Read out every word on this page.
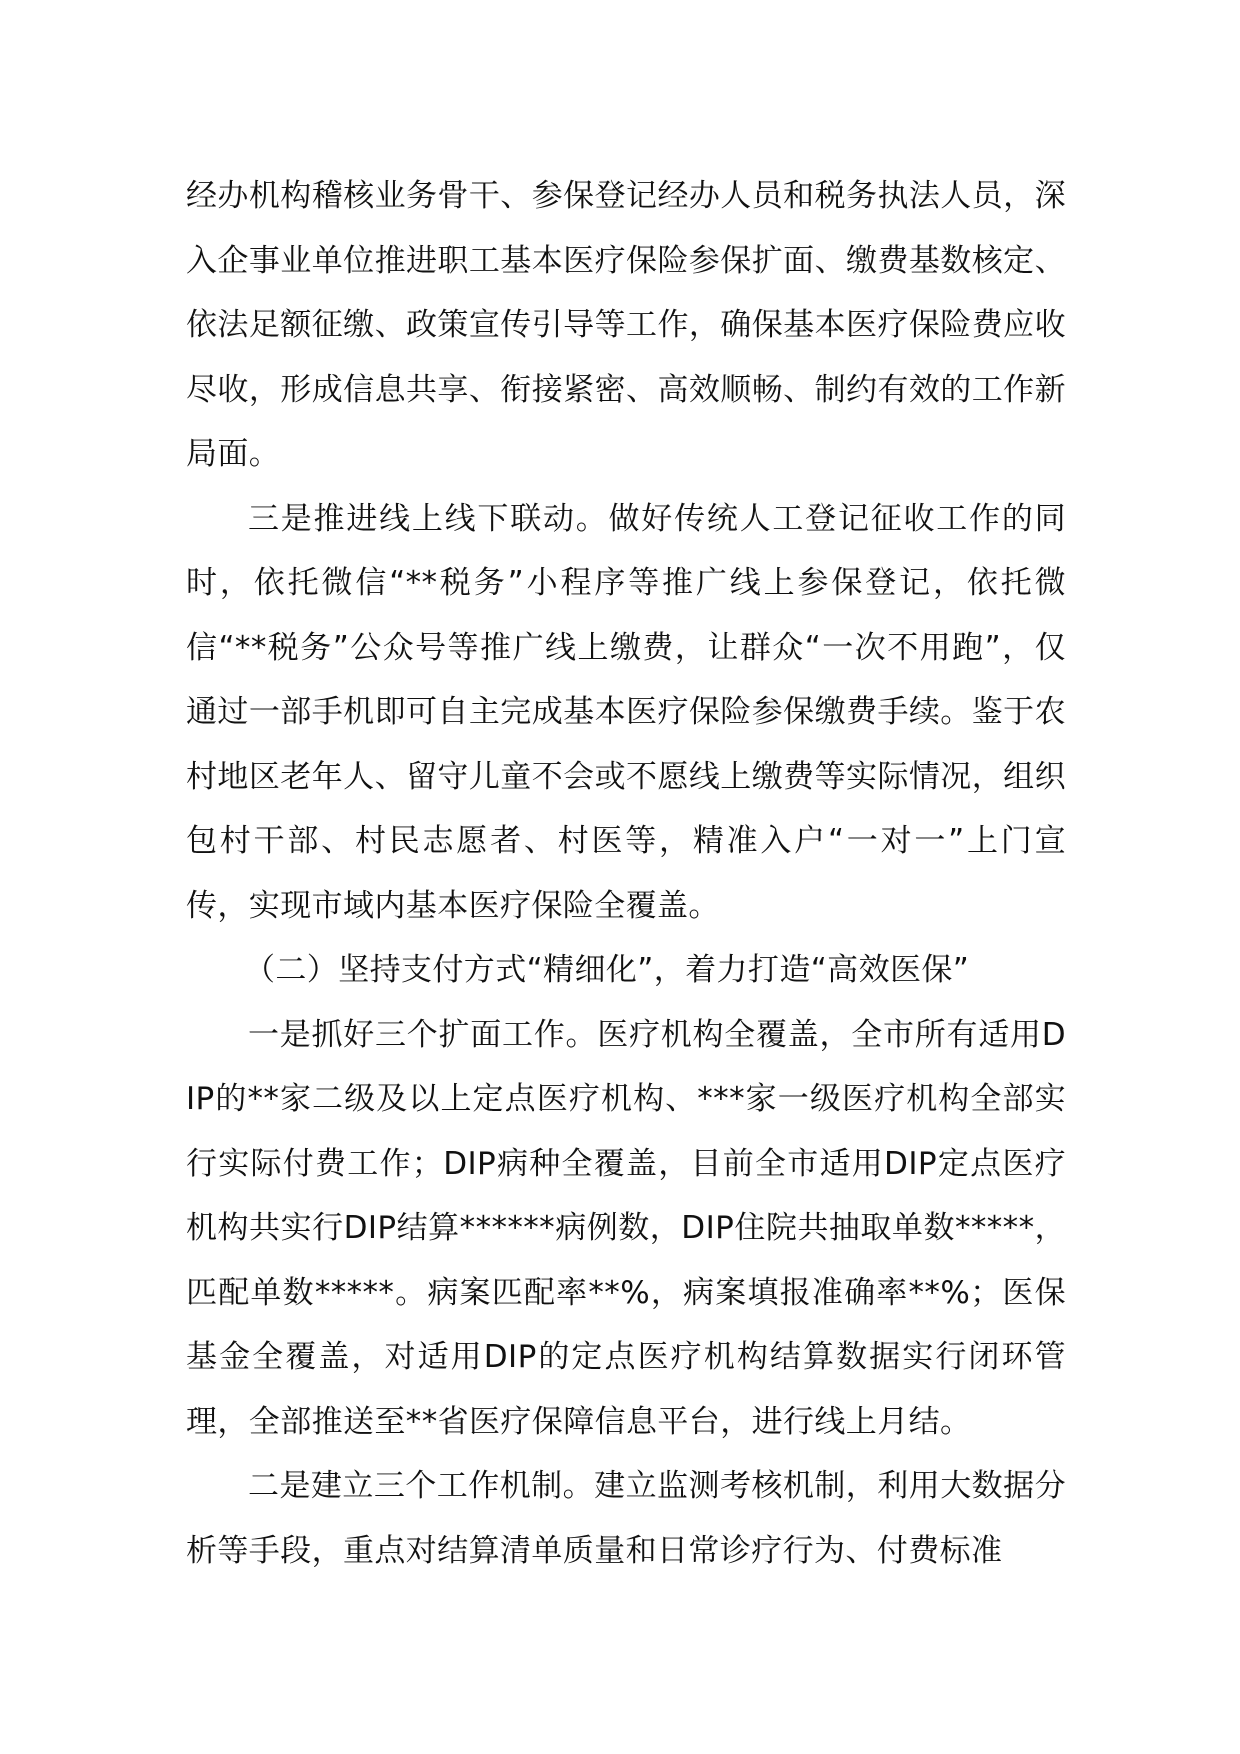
经办机构稽核业务骨干、参保登记经办人员和税务执法人员，深入企事业单位推进职工基本医疗保险参保扩面、缴费基数核定、依法足额征缴、政策宣传引导等工作，确保基本医疗保险费应收尽收，形成信息共享、衔接紧密、高效顺畅、制约有效的工作新局面。

三是推进线上线下联动。做好传统人工登记征收工作的同时，依托微信“**税务”小程序等推广线上参保登记，依托微信“**税务”公众号等推广线上缴费，让群众“一次不用跑”，仅通过一部手机即可自主完成基本医疗保险参保缴费手续。鉴于农村地区老年人、留守儿童不会或不愿线上缴费等实际情况，组织包村干部、村民志愿者、村医等，精准入户“一对一”上门宣传，实现市域内基本医疗保险全覆盖。

（二）坚持支付方式“精细化”，着力打造“高效医保”

一是抓好三个扩面工作。医疗机构全覆盖，全市所有适用DIP的**家二级及以上定点医疗机构、***家一级医疗机构全部实行实际付费工作；DIP病种全覆盖，目前全市适用DIP定点医疗机构共实行DIP结算******病例数，DIP住院共抽取单数*****，匹配单数*****。病案匹配率**%，病案填报准确率**%；医保基金全覆盖，对适用DIP的定点医疗机构结算数据实行闭环管理，全部推送至**省医疗保障信息平台，进行线上月结。

二是建立三个工作机制。建立监测考核机制，利用大数据分析等手段，重点对结算清单质量和日常诊疗行为、付费标准
